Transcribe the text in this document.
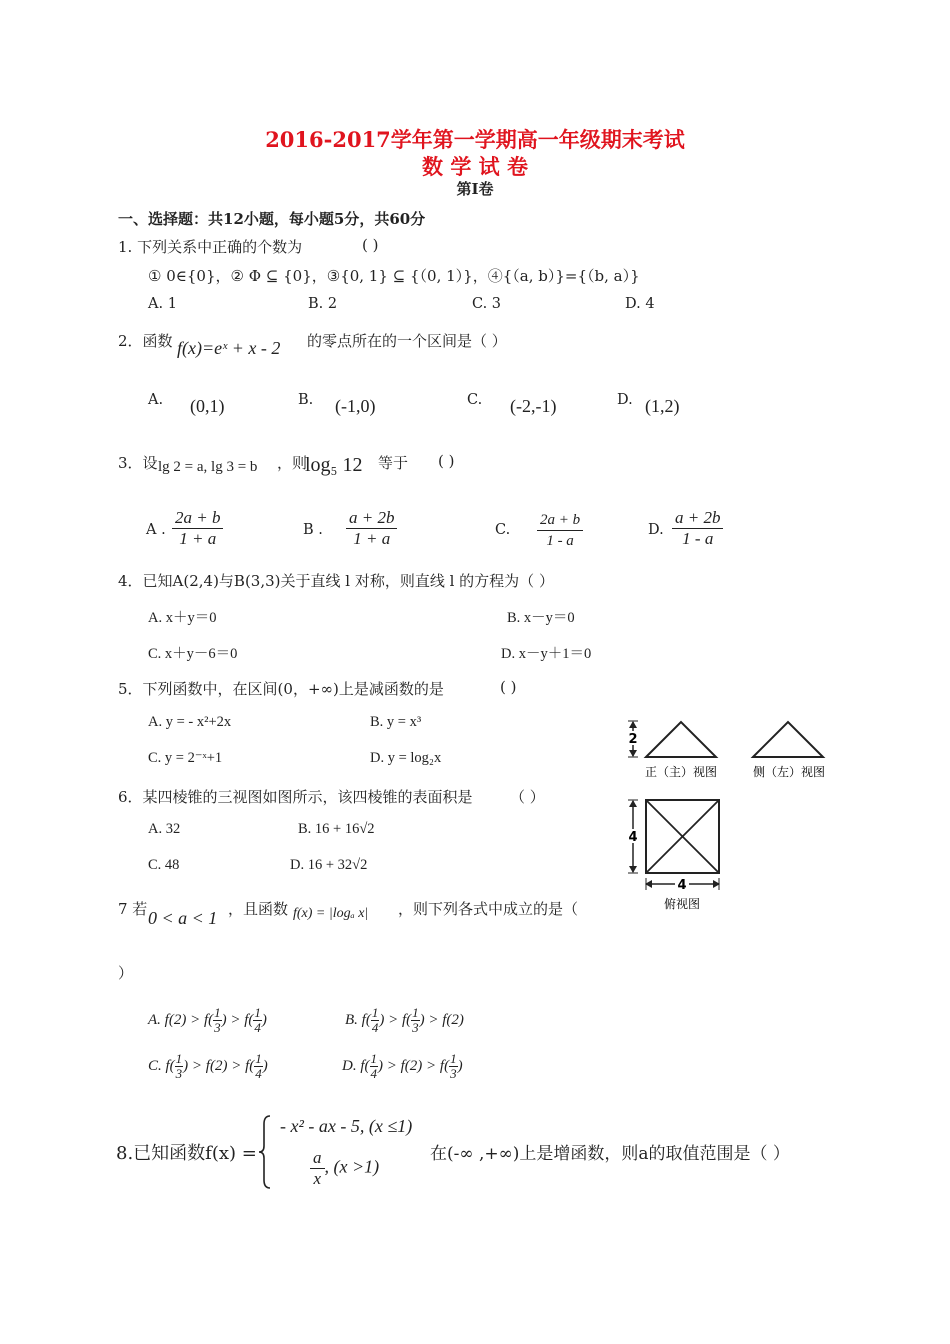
2016-2017学年第一学期高一年级期末考试
数 学 试 卷
第Ⅰ卷
一、选择题：共12小题，每小题5分，共60分
1. 下列关系中正确的个数为	( )
① 0∈{0}，② Φ ⊆ {0}，③{0, 1} ⊆ {（0, 1）}，④{（a, b）}={（b, a）}
A. 1	B. 2	C. 3	D. 4
2．函数 f(x)=eˣ + x - 2 的零点所在的一个区间是（ ）
A. (0,1)	B. (-1,0)	C. (-2,-1)	D. (1,2)
3．设 lg 2 = a, lg 3 = b ，则
log₅ 12 等于 ( )
A . $\frac{2a + b}{1 + a}$	B . $\frac{a + 2b}{1 + a}$	C. $\frac{2a + b}{1 - a}$	D. $\frac{a + 2b}{1 - a}$
4．已知A(2,4)与B(3,3)关于直线 l 对称，则直线 l 的方程为（ ）
A. x＋y＝0	B. x－y＝0
C. x＋y－6＝0	D. x－y＋1＝0
5．下列函数中，在区间(0，+∞)上是减函数的是	( )
A. y = - x²+2x	B. y = x³
C. y = 2⁻ˣ+1	D. y = log₂x
6．某四棱锥的三视图如图所示，该四棱锥的表面积是 （ ）
A. 32	B. 16 + 16√2
C. 48	D. 16 + 32√2
2
正（主）视图	侧（左）视图
4
4
俯视图
7 若 0 < a < 1 ，且函数 f(x) = |logₐ x| ，则下列各式中成立的是（
）
A. $f(2) > f( \frac{1}{3}$ ) > $f( \frac{1}{4}$ )	B. $f( \frac{1}{4}$ ) > $f( \frac{1}{3}$ ) > f(2)
C. $f( \frac{1}{3}$ ) > $f(2) > f( \frac{1}{4}$ )	D. $f( \frac{1}{4}$ ) > $f(2) > f( \frac{1}{3}$ )
8.已知函数f(x) =
- x² - ax - 5, (x ≤1)
$\frac{a}{x}$ , (x >1)
在(-∞ ,+∞)上是增函数，则a的取值范围是（ ）
